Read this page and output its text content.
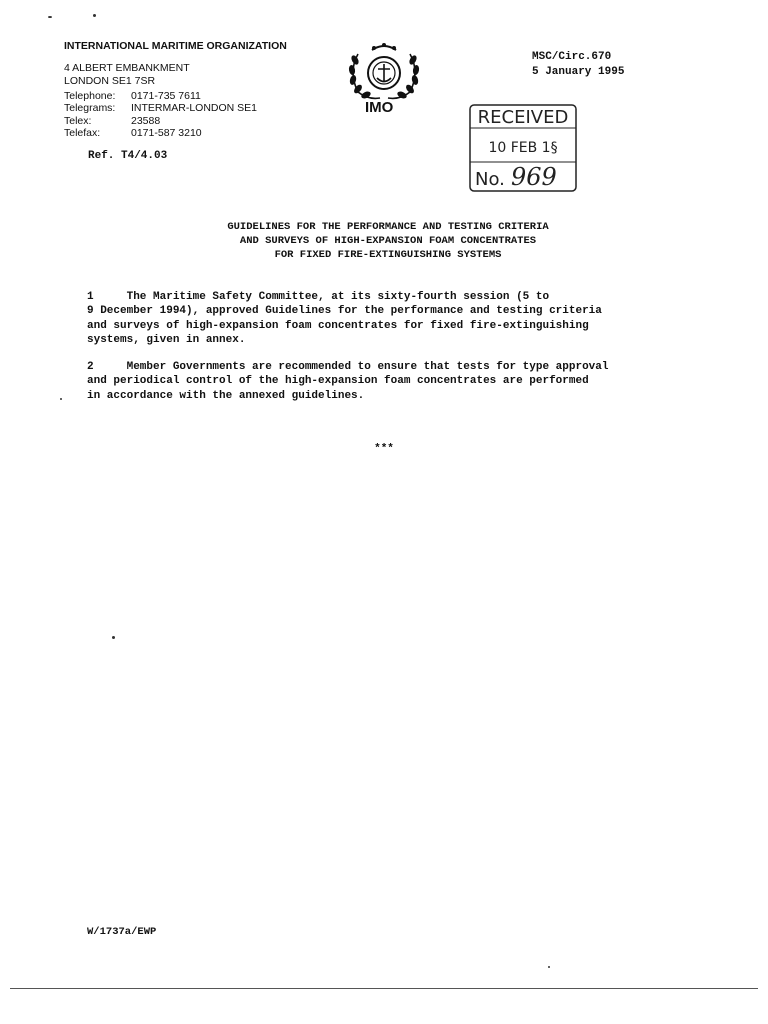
INTERNATIONAL MARITIME ORGANIZATION
4 ALBERT EMBANKMENT
LONDON SE1 7SR
Telephone:	0171-735 7611
Telegrams:	INTERMAR-LONDON SE1
Telex:	23588
Telefax:	0171-587 3210
Ref. T4/4.03
IMO
MSC/Circ.670
5 January 1995
RECEIVED
10 FEB 1§
No. 969
GUIDELINES FOR THE PERFORMANCE AND TESTING CRITERIA
AND SURVEYS OF HIGH-EXPANSION FOAM CONCENTRATES
FOR FIXED FIRE-EXTINGUISHING SYSTEMS
1     The Maritime Safety Committee, at its sixty-fourth session (5 to
9 December 1994), approved Guidelines for the performance and testing criteria
and surveys of high-expansion foam concentrates for fixed fire-extinguishing
systems, given in annex.
2     Member Governments are recommended to ensure that tests for type approval
and periodical control of the high-expansion foam concentrates are performed
in accordance with the annexed guidelines.
***
W/1737a/EWP
